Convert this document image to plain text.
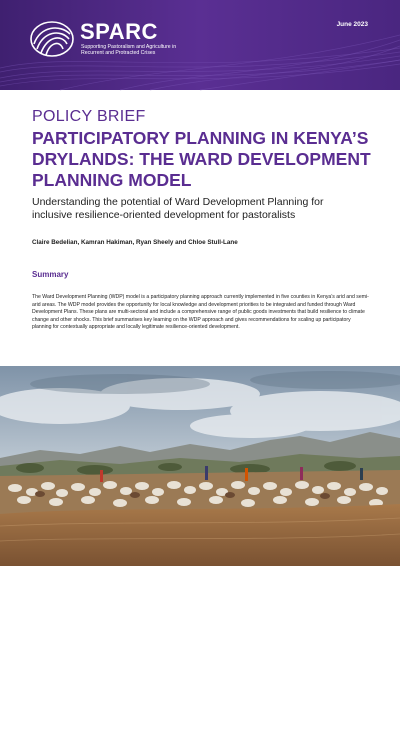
SPARC
Supporting Pastoralism and Agriculture in Recurrent and Protracted Crises
June 2023
POLICY BRIEF
PARTICIPATORY PLANNING IN KENYA’S DRYLANDS: THE WARD DEVELOPMENT PLANNING MODEL

Understanding the potential of Ward Development Planning for inclusive resilience-oriented development for pastoralists

Claire Bedelian, Kamran Hakiman, Ryan Sheely and Chloe Stull-Lane
Summary

The Ward Development Planning (WDP) model is a participatory planning approach currently implemented in five counties in Kenya’s arid and semi-arid areas. The WDP model provides the opportunity for local knowledge and development priorities to be integrated and funded through Ward Development Plans. These plans are multi-sectoral and include a comprehensive range of public goods investments that build resilience to climate change and other shocks. This brief summarises key learning on the WDP approach and gives recommendations for scaling up participatory planning for contextually appropriate and locally legitimate resilience-oriented development.

Cattle herders bring their livestock to Badu water pan managed by the rangeland committee in Moyale, Kenya.
Photo: Patrick Meinhardt/Mercy Corps
